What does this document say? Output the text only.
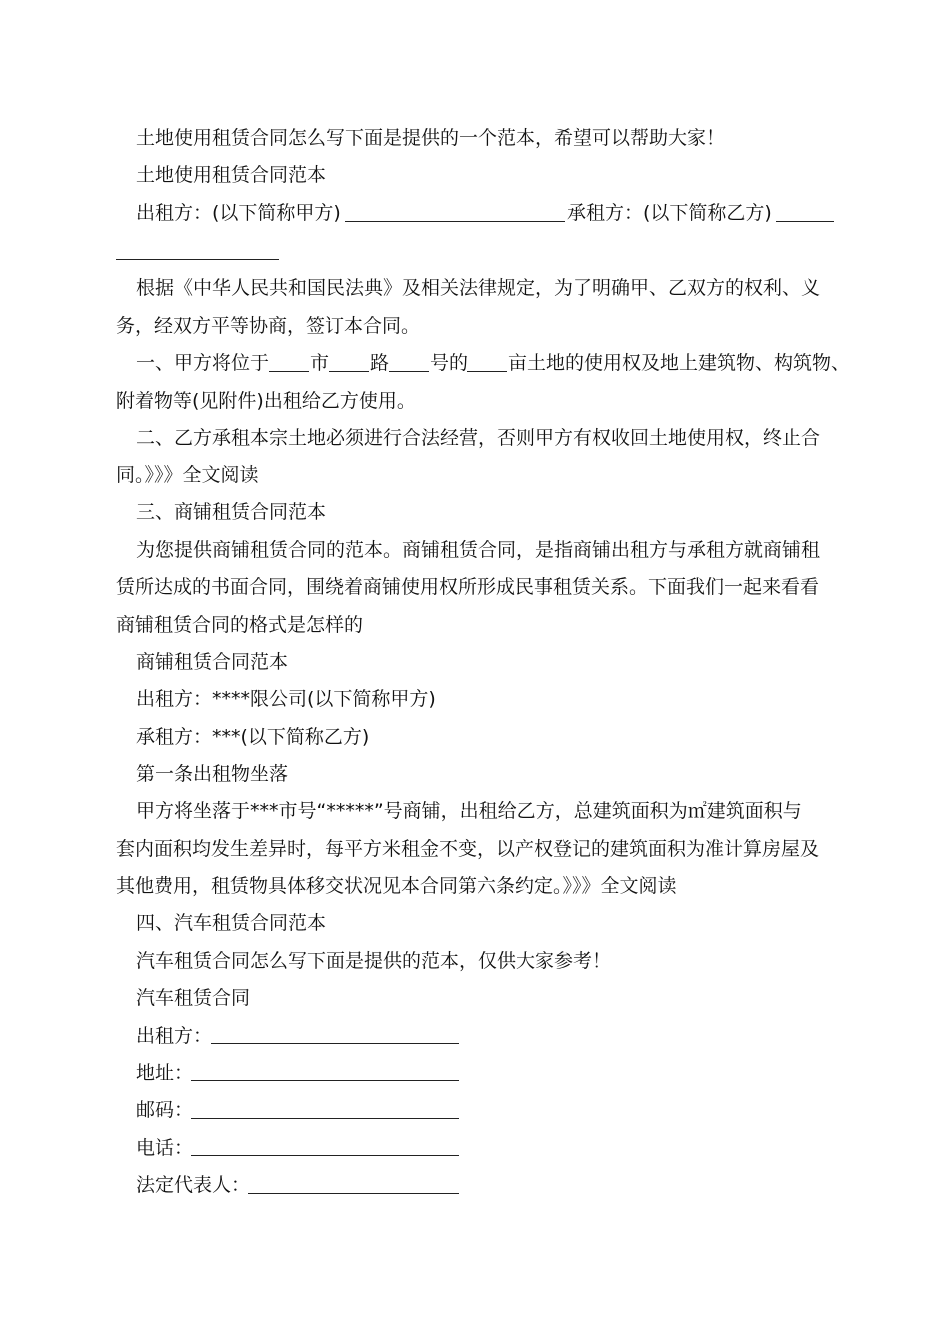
土地使用租赁合同怎么写下面是提供的一个范本，希望可以帮助大家！
土地使用租赁合同范本
出租方：(以下简称甲方)	承租方：(以下简称乙方)
根据《中华人民共和国民法典》及相关法律规定，为了明确甲、乙双方的权利、义
务，经双方平等协商，签订本合同。
一、甲方将位于 市 路 号的 亩土地的使用权及地上建筑物、构筑物、
附着物等(见附件)出租给乙方使用。
二、乙方承租本宗土地必须进行合法经营，否则甲方有权收回土地使用权，终止合
同。》》》全文阅读
三、商铺租赁合同范本
为您提供商铺租赁合同的范本。商铺租赁合同，是指商铺出租方与承租方就商铺租
赁所达成的书面合同，围绕着商铺使用权所形成民事租赁关系。下面我们一起来看看
商铺租赁合同的格式是怎样的
商铺租赁合同范本
出租方：****限公司(以下简称甲方)
承租方：***(以下简称乙方)
第一条出租物坐落
甲方将坐落于***市号“*****”号商铺，出租给乙方，总建筑面积为㎡建筑面积与
套内面积均发生差异时，每平方米租金不变，以产权登记的建筑面积为准计算房屋及
其他费用，租赁物具体移交状况见本合同第六条约定。》》》全文阅读
四、汽车租赁合同范本
汽车租赁合同怎么写下面是提供的范本，仅供大家参考！
汽车租赁合同
出租方：
地址：
邮码：
电话：
法定代表人：
